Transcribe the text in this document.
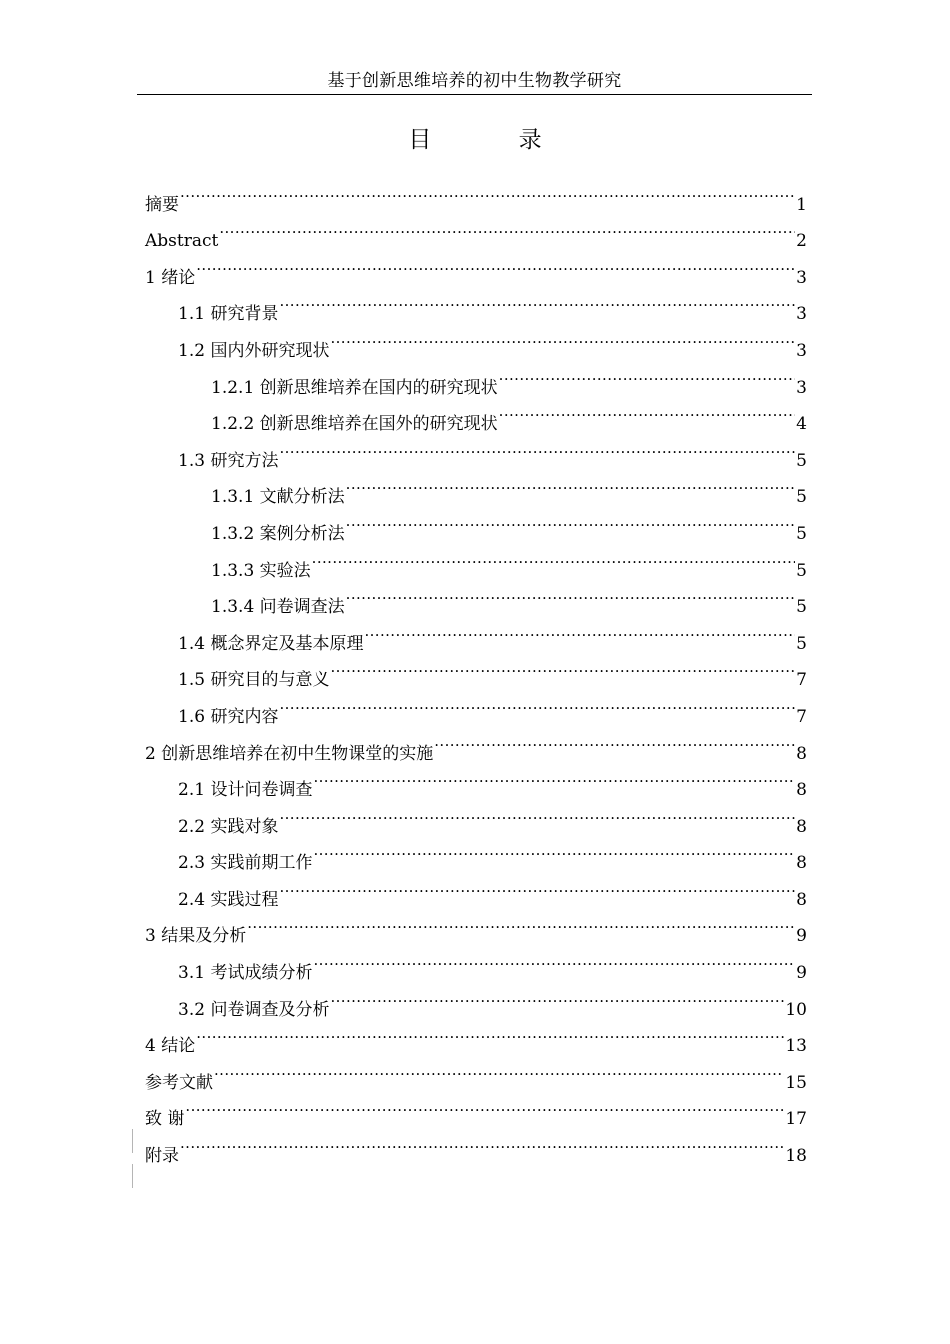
基于创新思维培养的初中生物教学研究
目 录
摘要 .....	1
Abstract .....	2
1 绪论 .....	3
1.1 研究背景 .....	3
1.2 国内外研究现状 .....	3
1.2.1 创新思维培养在国内的研究现状 .....	3
1.2.2 创新思维培养在国外的研究现状 .....	4
1.3 研究方法 .....	5
1.3.1 文献分析法 .....	5
1.3.2 案例分析法 .....	5
1.3.3 实验法 .....	5
1.3.4 问卷调查法 .....	5
1.4 概念界定及基本原理 .....	5
1.5 研究目的与意义 .....	7
1.6 研究内容 .....	7
2 创新思维培养在初中生物课堂的实施 .....	8
2.1 设计问卷调查 .....	8
2.2 实践对象 .....	8
2.3 实践前期工作 .....	8
2.4 实践过程 .....	8
3 结果及分析 .....	9
3.1 考试成绩分析 .....	9
3.2 问卷调查及分析 .....	10
4 结论 .....	13
参考文献 .....	15
致 谢 .....	17
附录 .....	18
